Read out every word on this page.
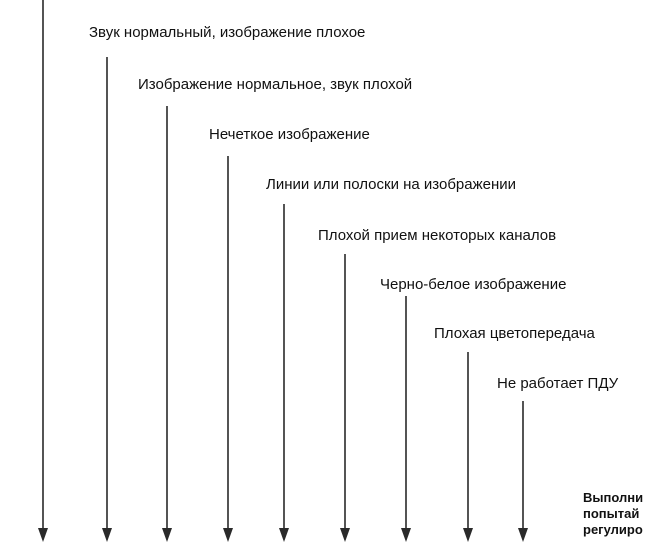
Звук нормальный, изображение плохое
Изображение нормальное, звук плохой
Нечеткое изображение
Линии или полоски на изображении
Плохой прием некоторых каналов
Черно-белое изображение
Плохая цветопередача
Не работает ПДУ
Выполни
попытай
регулиро
